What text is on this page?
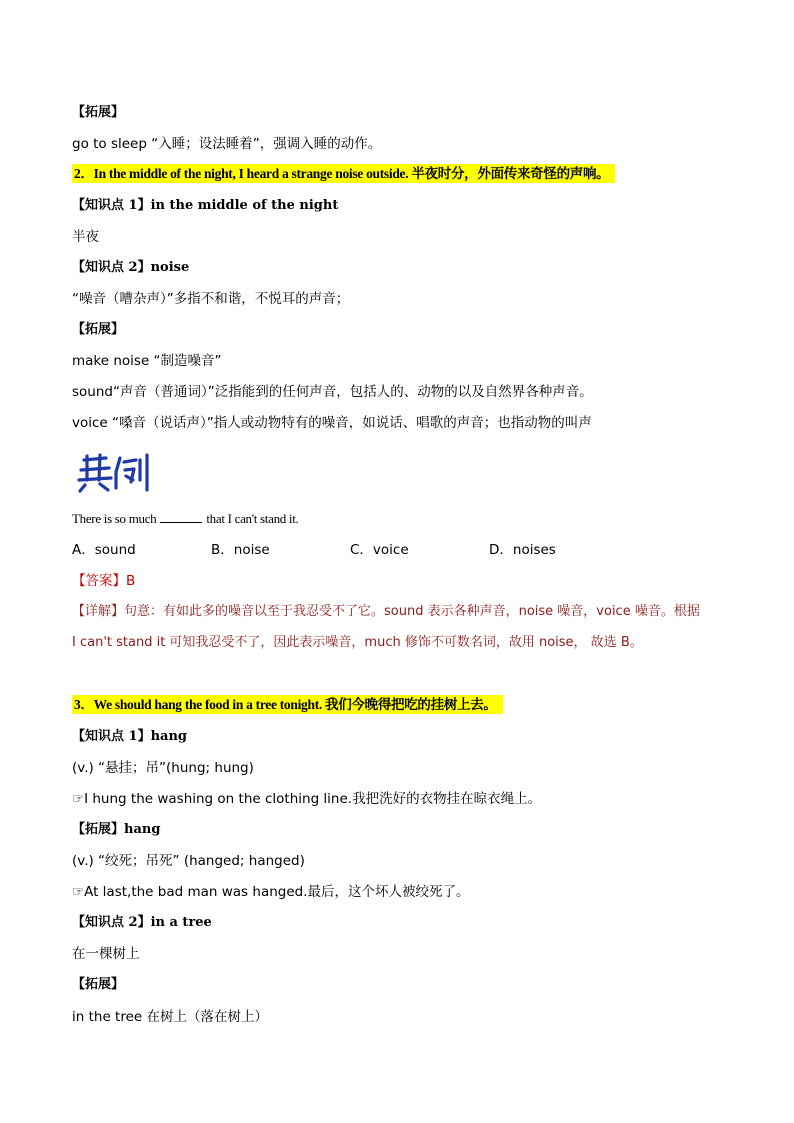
【拓展】
go to sleep “入睡；设法睡着”，强调入睡的动作。
2．In the middle of the night, I heard a strange noise outside. 半夜时分，外面传来奇怪的声响。
【知识点 1】in the middle of the night
半夜
【知识点 2】noise
“噪音（嘈杂声）”多指不和谐，不悦耳的声音；
【拓展】
make noise “制造噪音”
sound“声音（普通词）”泛指能到的任何声音，包括人的、动物的以及自然界各种声音。
voice “嗓音（说话声）”指人或动物特有的噪音，如说话、唱歌的声音；也指动物的叫声
There is so much	that I can't stand it.
A．sound	B．noise	C．voice	D．noises
【答案】B
【详解】句意：有如此多的噪音以至于我忍受不了它。sound 表示各种声音，noise 噪音，voice 噪音。根据
I can't stand it 可知我忍受不了，因此表示噪音，much 修饰不可数名词，故用 noise， 故选 B。
3．We should hang the food in a tree tonight. 我们今晚得把吃的挂树上去。
【知识点 1】hang
(v.) “悬挂；吊”(hung; hung)
☞I hung the washing on the clothing line.我把洗好的衣物挂在晾衣绳上。
【拓展】hang
(v.) “绞死；吊死” (hanged; hanged)
☞At last,the bad man was hanged.最后，这个坏人被绞死了。
【知识点 2】in a tree
在一棵树上
【拓展】
in the tree 在树上（落在树上）
